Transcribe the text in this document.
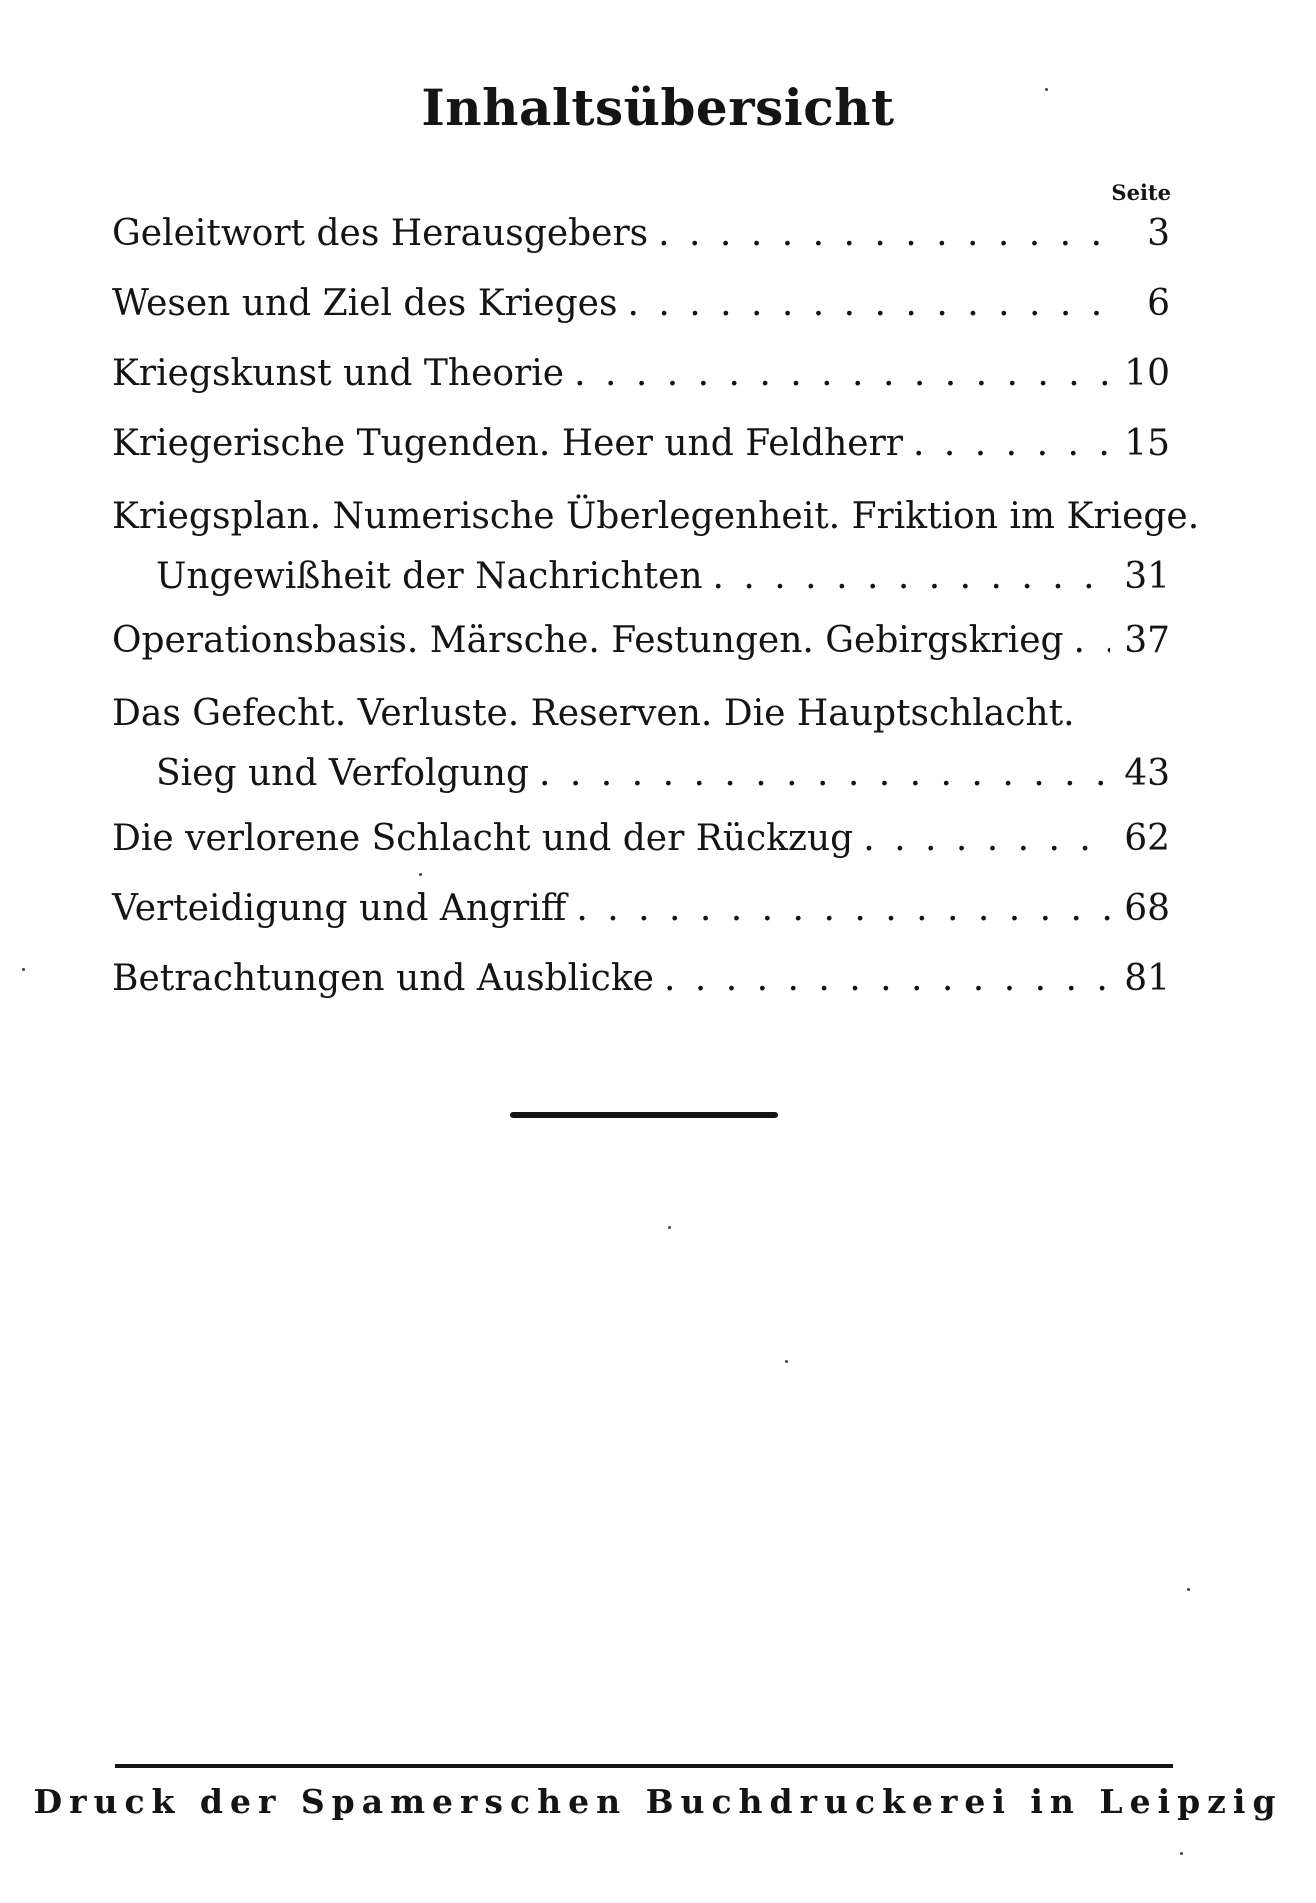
Inhaltsübersicht
Seite
Geleitwort des Herausgebers . . .	3
Wesen und Ziel des Krieges . . .	6
Kriegskunst und Theorie . . .	10
Kriegerische Tugenden. Heer und Feldherr . . .	15
Kriegsplan. Numerische Überlegenheit. Friktion im Kriege.
Ungewißheit der Nachrichten . . .	31
Operationsbasis. Märsche. Festungen. Gebirgskrieg . . . 37
Das Gefecht. Verluste. Reserven. Die Hauptschlacht.
Sieg und Verfolgung . . .	43
Die verlorene Schlacht und der Rückzug . . .	62
Verteidigung und Angriff . . .	68
Betrachtungen und Ausblicke . . .	81
Druck der Spamerschen Buchdruckerei in Leipzig
